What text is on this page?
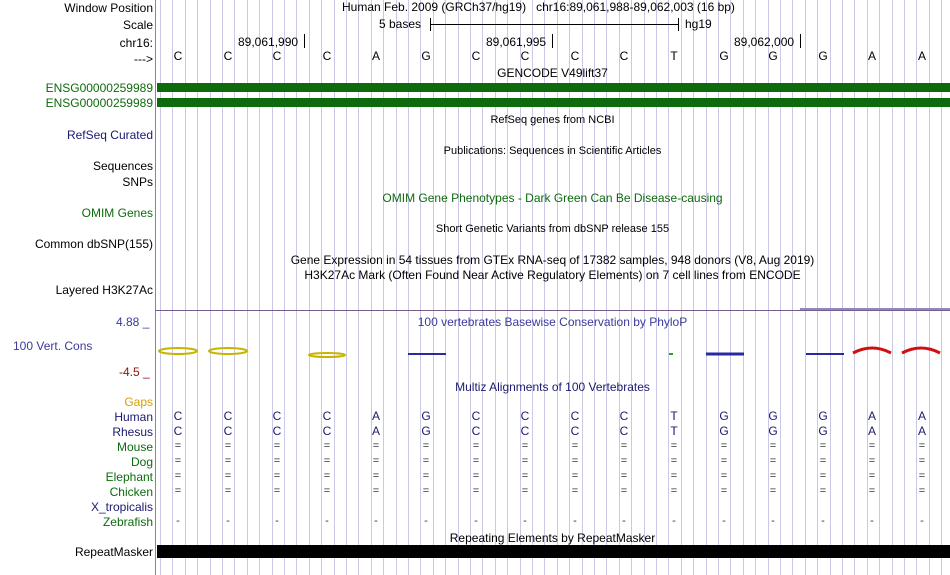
Window Position	Human Feb. 2009 (GRCh37/hg19)   chr16:89,061,988-89,062,003 (16 bp)
Scale	5 bases	hg19
chr16:	89,061,990	89,061,995	89,062,000
--->	C	C	C	C	A	G	C	C	C	C	T	G	G	G	A	A
GENCODE V49lift37
ENSG00000259989
ENSG00000259989
RefSeq genes from NCBI
RefSeq Curated
Publications: Sequences in Scientific Articles
Sequences
SNPs
OMIM Gene Phenotypes - Dark Green Can Be Disease-causing
OMIM Genes
Short Genetic Variants from dbSNP release 155
Common dbSNP(155)
Gene Expression in 54 tissues from GTEx RNA-seq of 17382 samples, 948 donors (V8, Aug 2019)
H3K27Ac Mark (Often Found Near Active Regulatory Elements) on 7 cell lines from ENCODE
Layered H3K27Ac
100 vertebrates Basewise Conservation by PhyloP
4.88 _
100 Vert. Cons
-4.5 _
Multiz Alignments of 100 Vertebrates
Gaps
Human	C	C	C	C	A	G	C	C	C	C	T	G	G	G	A	A
Rhesus	C	C	C	C	A	G	C	C	C	C	T	G	G	G	A	A
Mouse	=	=	=	=	=	=	=	=	=	=	=	=	=	=	=	=
Dog	=	=	=	=	=	=	=	=	=	=	=	=	=	=	=	=
Elephant	=	=	=	=	=	=	=	=	=	=	=	=	=	=	=	=
Chicken	=	=	=	=	=	=	=	=	=	=	=	=	=	=	=	=
X_tropicalis
Zebrafish	-	-	-	-	-	-	-	-	-	-	-	-	-	-	-	-
Repeating Elements by RepeatMasker
RepeatMasker
